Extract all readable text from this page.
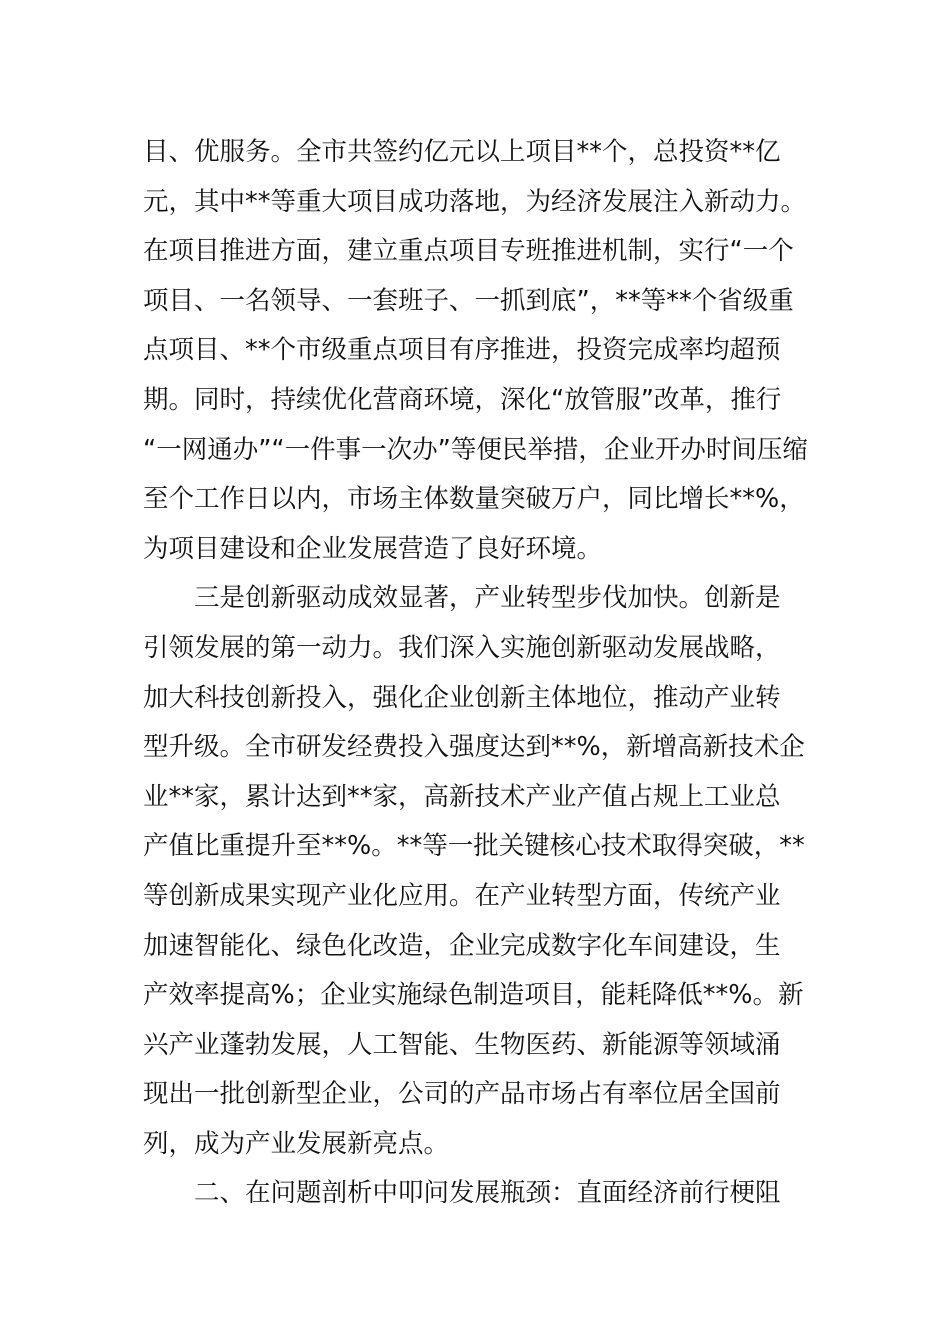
目、优服务。全市共签约亿元以上项目**个，总投资**亿
元，其中**等重大项目成功落地，为经济发展注入新动力。
在项目推进方面，建立重点项目专班推进机制，实行“一个
项目、一名领导、一套班子、一抓到底”，**等**个省级重
点项目、**个市级重点项目有序推进，投资完成率均超预
期。同时，持续优化营商环境，深化“放管服”改革，推行
“一网通办”“一件事一次办”等便民举措，企业开办时间压缩
至个工作日以内，市场主体数量突破万户，同比增长**%，
为项目建设和企业发展营造了良好环境。
三是创新驱动成效显著，产业转型步伐加快。创新是
引领发展的第一动力。我们深入实施创新驱动发展战略，
加大科技创新投入，强化企业创新主体地位，推动产业转
型升级。全市研发经费投入强度达到**%，新增高新技术企
业**家，累计达到**家，高新技术产业产值占规上工业总
产值比重提升至**%。**等一批关键核心技术取得突破，**
等创新成果实现产业化应用。在产业转型方面，传统产业
加速智能化、绿色化改造，企业完成数字化车间建设，生
产效率提高%；企业实施绿色制造项目，能耗降低**%。新
兴产业蓬勃发展，人工智能、生物医药、新能源等领域涌
现出一批创新型企业，公司的产品市场占有率位居全国前
列，成为产业发展新亮点。
二、在问题剖析中叩问发展瓶颈：直面经济前行梗阻
